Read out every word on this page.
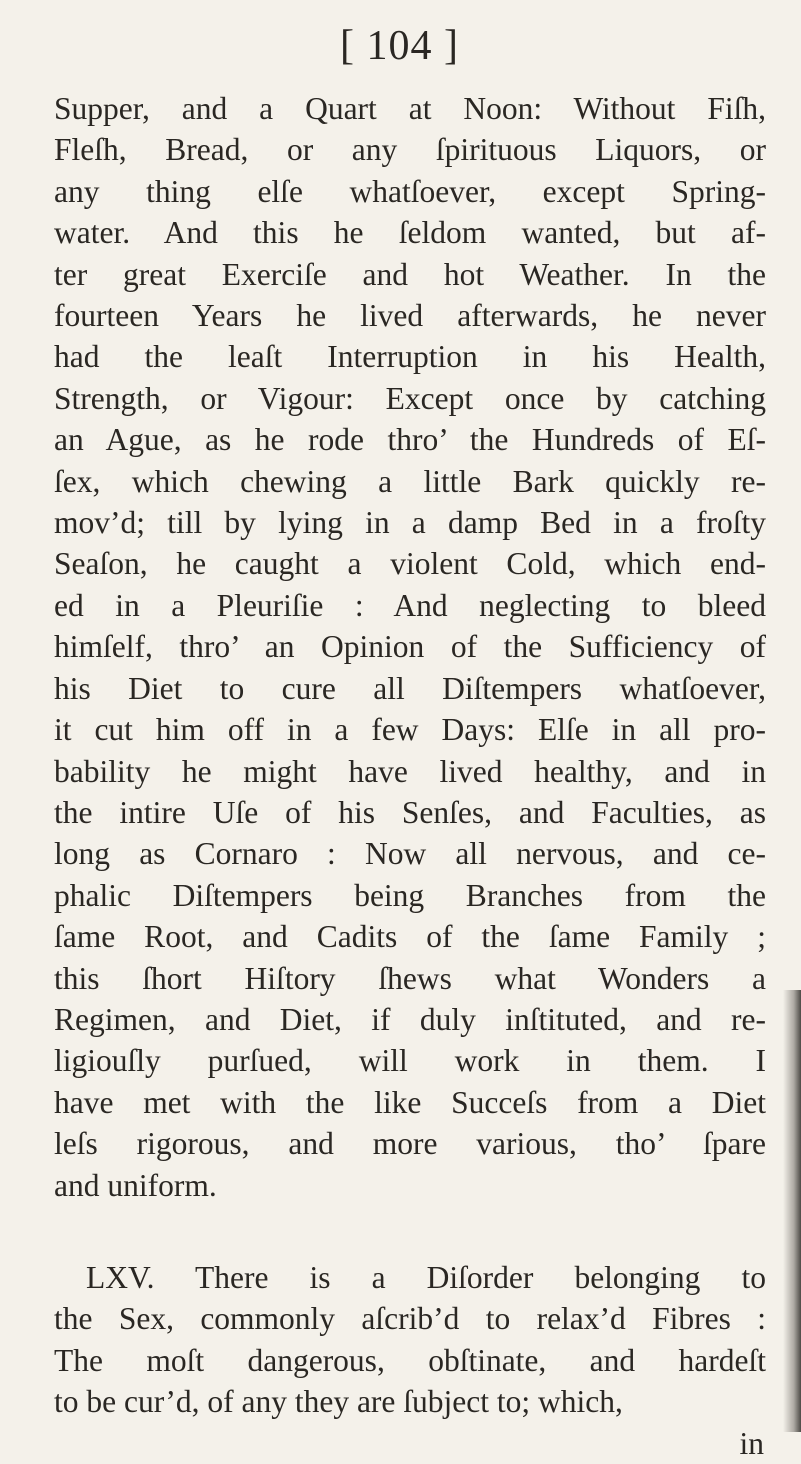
[ 104 ]
Supper, and a Quart at Noon: Without Fiſh,
Fleſh, Bread, or any ſpirituous Liquors, or
any thing elſe whatſoever, except Spring-
water. And this he ſeldom wanted, but af-
ter great Exerciſe and hot Weather. In the
fourteen Years he lived afterwards, he never
had the leaſt Interruption in his Health,
Strength, or Vigour: Except once by catching
an Ague, as he rode thro’ the Hundreds of Eſ-
ſex, which chewing a little Bark quickly re-
mov’d; till by lying in a damp Bed in a froſty
Seaſon, he caught a violent Cold, which end-
ed in a Pleuriſie : And neglecting to bleed
himſelf, thro’ an Opinion of the Sufficiency of
his Diet to cure all Diſtempers whatſoever,
it cut him off in a few Days: Elſe in all pro-
bability he might have lived healthy, and in
the intire Uſe of his Senſes, and Faculties, as
long as Cornaro : Now all nervous, and ce-
phalic Diſtempers being Branches from the
ſame Root, and Cadits of the ſame Family ;
this ſhort Hiſtory ſhews what Wonders a
Regimen, and Diet, if duly inſtituted, and re-
ligiouſly purſued, will work in them. I
have met with the like Succeſs from a Diet
leſs rigorous, and more various, tho’ ſpare
and uniform.
LXV. There is a Diſorder belonging to
the Sex, commonly aſcrib’d to relax’d Fibres :
The moſt dangerous, obſtinate, and hardeſt
to be cur’d, of any they are ſubject to; which,
in
